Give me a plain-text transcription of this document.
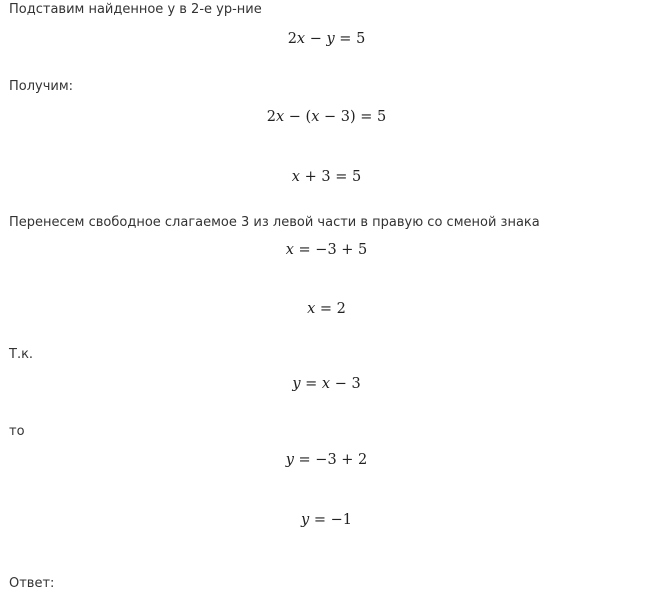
Подставим найденное у в 2-е ур-ние
2x − y = 5
Получим:
2x − (x − 3) = 5
x + 3 = 5
Перенесем свободное слагаемое 3 из левой части в правую со сменой знака
x = −3 + 5
x = 2
Т.к.
y = x − 3
то
y = −3 + 2
y = −1
Ответ:
